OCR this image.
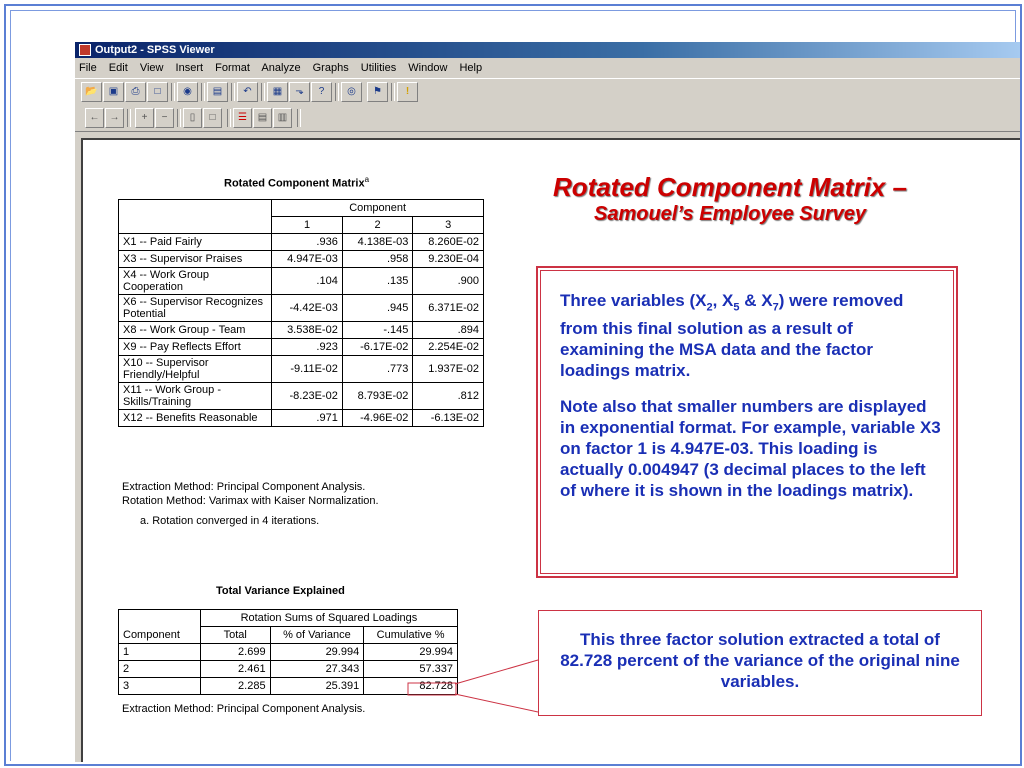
Output2 - SPSS Viewer
File Edit View Insert Format Analyze Graphs Utilities Window Help
📂	▣	⎙	□	◉	▤	↶	▦	⬎	?	◎	⚑	!
←	→	+	−	▯	□	☰	▤	▥
Rotated Component Matrix$^a$
	Component		
	1	2	3
X1 -- Paid Fairly	.936	4.138E-03	8.260E-02
X3 -- Supervisor Praises	4.947E-03	.958	9.230E-04
X4 -- Work Group Cooperation	.104	.135	.900
X6 -- Supervisor Recognizes Potential	-4.42E-03	.945	6.371E-02
X8 -- Work Group - Team	3.538E-02	-.145	.894
X9 -- Pay Reflects Effort	.923	-6.17E-02	2.254E-02
X10 -- Supervisor Friendly/Helpful	-9.11E-02	.773	1.937E-02
X11 -- Work Group - Skills/Training	-8.23E-02	8.793E-02	.812
X12 -- Benefits Reasonable	.971	-4.96E-02	-6.13E-02
Extraction Method: Principal Component Analysis.
Rotation Method: Varimax with Kaiser Normalization.
a. Rotation converged in 4 iterations.
Total Variance Explained
	Rotation Sums of Squared Loadings		
Component	Total	% of Variance	Cumulative %
1	2.699	29.994	29.994
2	2.461	27.343	57.337
3	2.285	25.391	82.728
Extraction Method: Principal Component Analysis.
Rotated Component Matrix –
Samouel’s Employee Survey

Three variables ($X_2$, $X_5$ & $X_7$) were removed from this final solution as a result of examining the MSA data and the factor loadings matrix.

Note also that smaller numbers are displayed in exponential format. For example, variable X3 on factor 1 is 4.947E-03. This loading is actually 0.004947 (3 decimal places to the left of where it is shown in the loadings matrix).

This three factor solution extracted a total of 82.728 percent of the variance of the original nine variables.
